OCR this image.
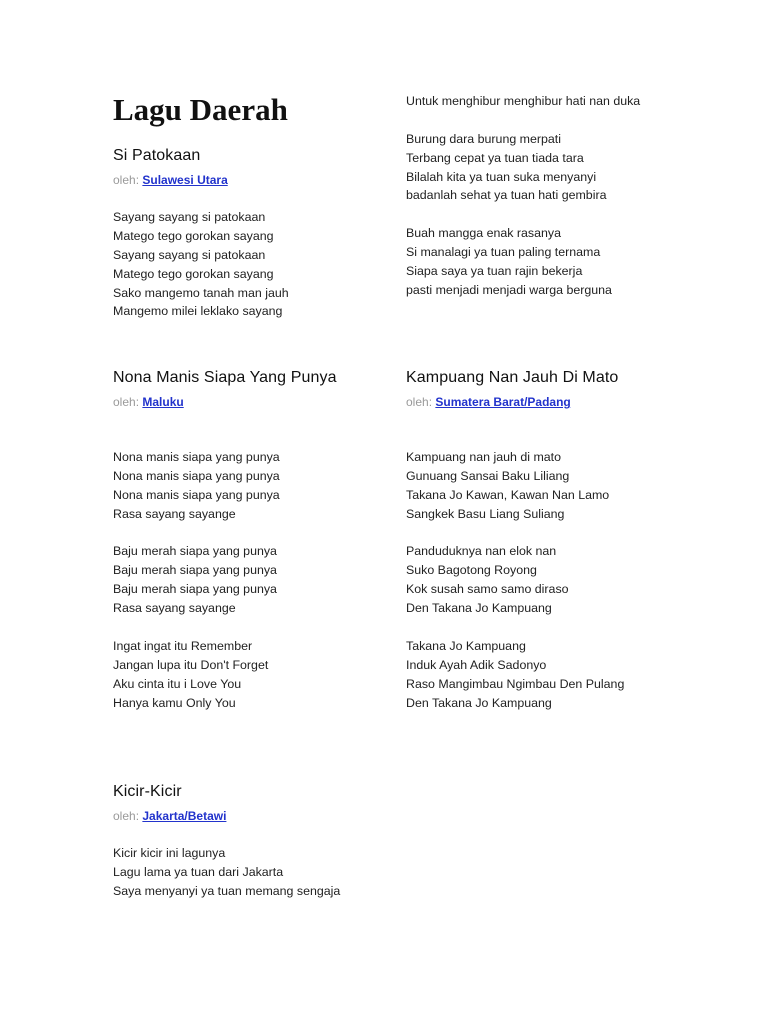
Lagu Daerah
Si Patokaan
oleh: Sulawesi Utara
Sayang sayang si patokaan
Matego tego gorokan sayang
Sayang sayang si patokaan
Matego tego gorokan sayang
Sako mangemo tanah man jauh
Mangemo milei leklako sayang
Untuk menghibur menghibur hati nan duka
Burung dara burung merpati
Terbang cepat ya tuan tiada tara
Bilalah kita ya tuan suka menyanyi
badanlah sehat ya tuan hati gembira
Buah mangga enak rasanya
Si manalagi ya tuan paling ternama
Siapa saya ya tuan rajin bekerja
pasti menjadi menjadi warga berguna
Nona Manis Siapa Yang Punya
oleh: Maluku
Nona manis siapa yang punya
Nona manis siapa yang punya
Nona manis siapa yang punya
Rasa sayang sayange
Baju merah siapa yang punya
Baju merah siapa yang punya
Baju merah siapa yang punya
Rasa sayang sayange
Ingat ingat itu Remember
Jangan lupa itu Don't Forget
Aku cinta itu i Love You
Hanya kamu Only You
Kampuang Nan Jauh Di Mato
oleh: Sumatera Barat/Padang
Kampuang nan jauh di mato
Gunuang Sansai Baku Liliang
Takana Jo Kawan, Kawan Nan Lamo
Sangkek Basu Liang Suliang
Panduduknya nan elok nan
Suko Bagotong Royong
Kok susah samo samo diraso
Den Takana Jo Kampuang
Takana Jo Kampuang
Induk Ayah Adik Sadonyo
Raso Mangimbau Ngimbau Den Pulang
Den Takana Jo Kampuang
Kicir-Kicir
oleh: Jakarta/Betawi
Kicir kicir ini lagunya
Lagu lama ya tuan dari Jakarta
Saya menyanyi ya tuan memang sengaja
